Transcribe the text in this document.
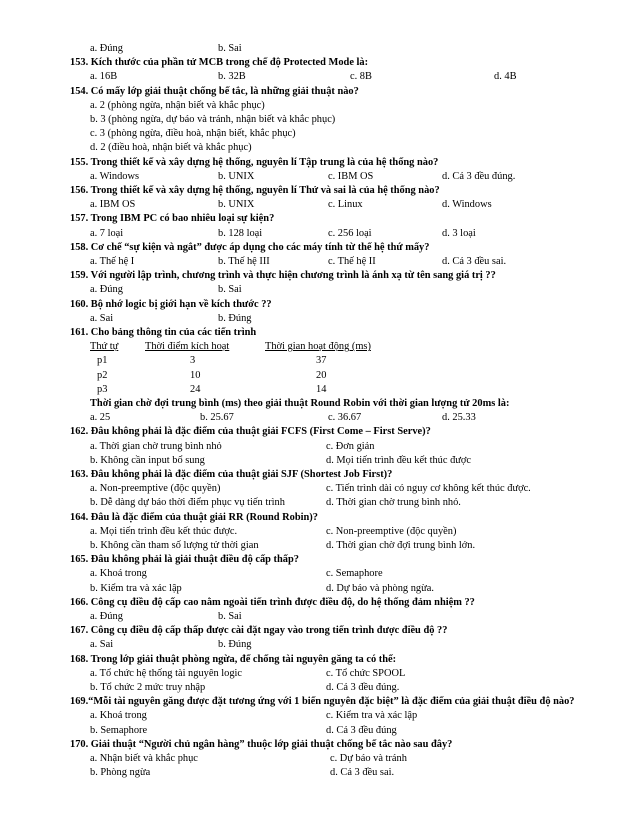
a. Đúng	b. Sai
153. Kích thước của phần tử MCB trong chế độ Protected Mode là:
a. 16B	b. 32B	c. 8B	d. 4B
154. Có mấy lớp giải thuật chống bế tắc, là những giải thuật nào?
a. 2 (phòng ngừa, nhận biết và khắc phục)
b. 3 (phòng ngừa, dự báo và tránh, nhận biết và khắc phục)
c. 3 (phòng ngừa, điều hoà, nhận biết, khắc phục)
d. 2 (điều hoà, nhận biết và khắc phục)
155. Trong thiết kế và xây dựng hệ thống, nguyên lí Tập trung là của hệ thống nào?
a. Windows	b. UNIX	c. IBM OS	d. Cả 3 đều đúng.
156. Trong thiết kế và xây dựng hệ thống, nguyên lí Thử và sai là của hệ thống nào?
a. IBM OS	b. UNIX	c. Linux	d. Windows
157. Trong IBM PC có bao nhiêu loại sự kiện?
a. 7 loại	b. 128 loại	c. 256 loại	d. 3 loại
158. Cơ chế “sự kiện và ngắt” được áp dụng cho các máy tính từ thế hệ thứ mấy?
a. Thế hệ I	b. Thế hệ III	c. Thế hệ II	d. Cả 3 đều sai.
159. Với người lập trình, chương trình và thực hiện chương trình là ánh xạ từ tên sang giá trị ??
a. Đúng	b. Sai
160. Bộ nhớ logic bị giới hạn về kích thước ??
a. Sai	b. Đúng
161. Cho bảng thông tin của các tiến trình
Thứ tự	Thời điểm kích hoạt	Thời gian hoạt động (ms)
p1	3	37
p2	10	20
p3	24	14
Thời gian chờ đợi trung bình (ms) theo giải thuật Round Robin với thời gian lượng tử 20ms là:
a. 25	b. 25.67	c. 36.67	d. 25.33
162. Đâu không phải là đặc điểm của thuật giải FCFS (First Come – First Serve)?
a. Thời gian chờ trung bình nhỏ	c. Đơn giản
b. Không cần input bổ sung	d. Mọi tiến trình đều kết thúc được
163. Đâu không phải là đặc điểm của thuật giải SJF (Shortest Job First)?
a. Non-preemptive (độc quyền)	c. Tiến trình dài có nguy cơ không kết thúc được.
b. Dễ dàng dự báo thời điểm phục vụ tiến trình	d. Thời gian chờ trung bình nhỏ.
164. Đâu là đặc điểm của thuật giải RR (Round Robin)?
a. Mọi tiến trình đều kết thúc được.	c. Non-preemptive (độc quyền)
b. Không cần tham số lượng tử thời gian	d. Thời gian chờ đợi trung bình lớn.
165. Đâu không phải là giải thuật điều độ cấp thấp?
a. Khoá trong	c. Semaphore
b. Kiểm tra và xác lập	d. Dự báo và phòng ngừa.
166. Công cụ điều độ cấp cao nằm ngoài tiến trình được điều độ, do hệ thống đảm nhiệm ??
a. Đúng	b. Sai
167. Công cụ điều độ cấp thấp được cài đặt ngay vào trong tiến trình được điều độ ??
a. Sai	b. Đúng
168. Trong lớp giải thuật phòng ngừa, để chống tài nguyên găng ta có thể:
a. Tổ chức hệ thống tài nguyên logic	c. Tổ chức SPOOL
b. Tổ chức 2 mức truy nhập	d. Cả 3 đều đúng.
169.“Mỗi tài nguyên găng được đặt tương ứng với 1 biến nguyên đặc biệt” là đặc điểm của giải thuật điều độ nào?
a. Khoá trong	c. Kiểm tra và xác lập
b. Semaphore	d. Cả 3 đều đúng
170. Giải thuật “Người chủ ngân hàng” thuộc lớp giải thuật chống bế tắc nào sau đây?
a. Nhận biết và khắc phục	c. Dự báo và tránh
b. Phòng ngừa	d. Cả 3 đều sai.
